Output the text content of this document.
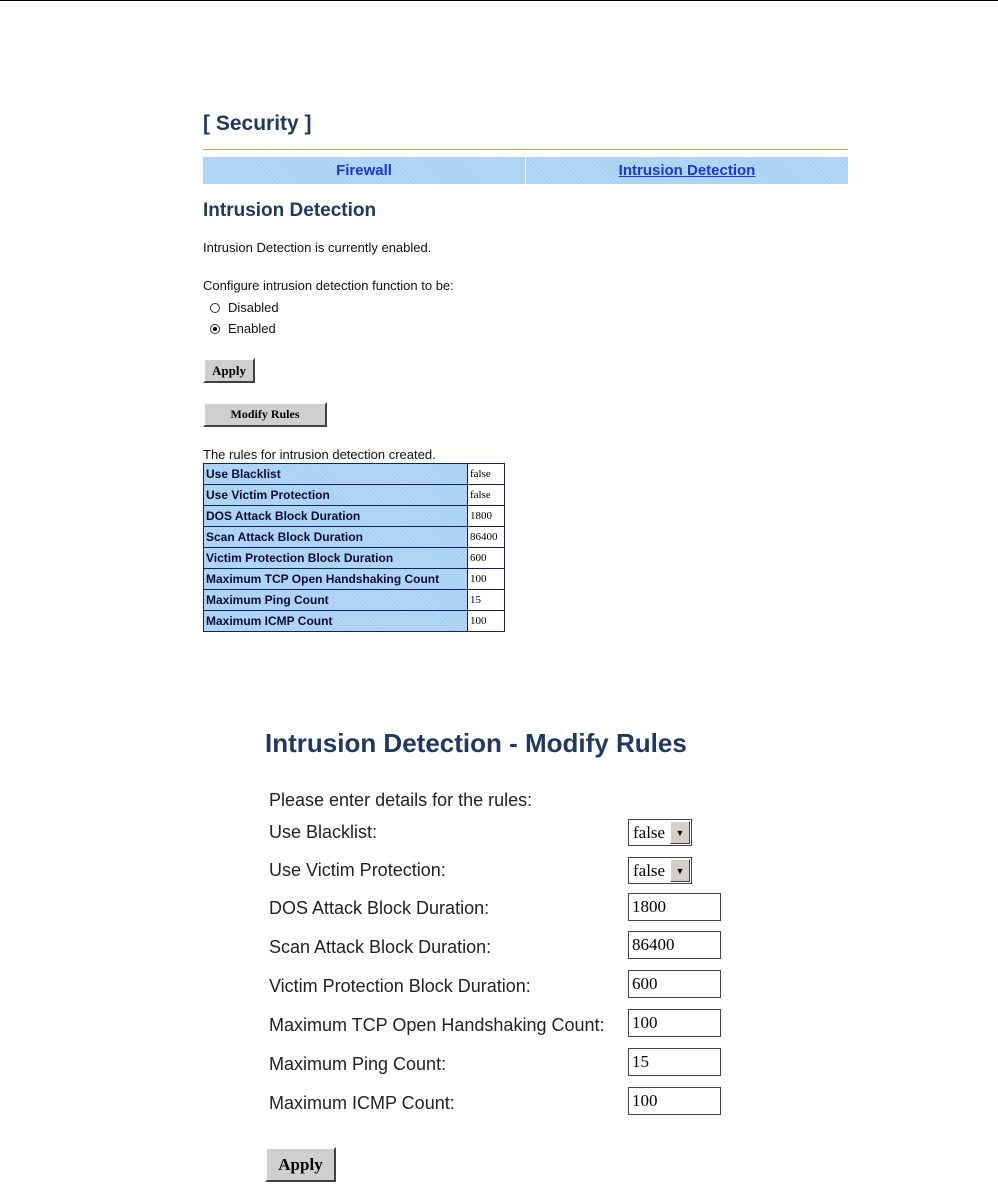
[ Security ]
Firewall	Intrusion Detection
Intrusion Detection
Intrusion Detection is currently enabled.
Configure intrusion detection function to be:
Disabled
Enabled
Apply
Modify Rules
The rules for intrusion detection created.
Use Blacklist	false
Use Victim Protection	false
DOS Attack Block Duration	1800
Scan Attack Block Duration	86400
Victim Protection Block Duration	600
Maximum TCP Open Handshaking Count	100
Maximum Ping Count	15
Maximum ICMP Count	100
Intrusion Detection - Modify Rules
Please enter details for the rules:
Use Blacklist:	false	▼
Use Victim Protection:	false	▼
DOS Attack Block Duration:
1800
Scan Attack Block Duration:
86400
Victim Protection Block Duration:
600
Maximum TCP Open Handshaking Count:
100
Maximum Ping Count:
15
Maximum ICMP Count:
100
Apply
